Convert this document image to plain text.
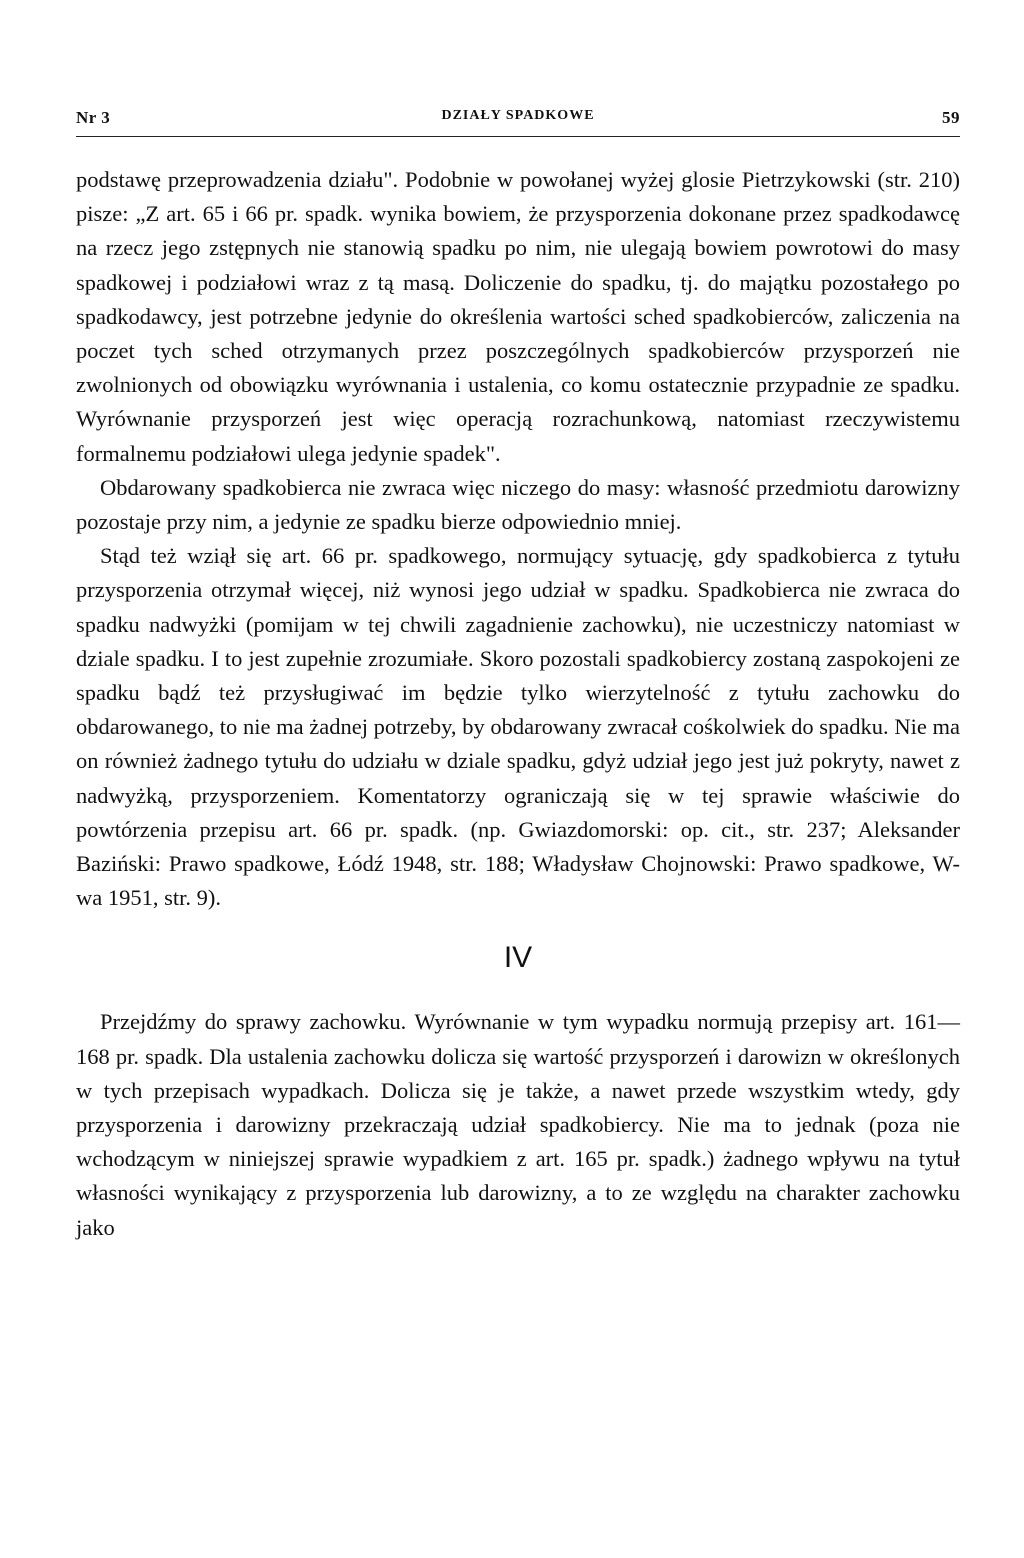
Nr 3	DZIAŁY SPADKOWE	59

podstawę przeprowadzenia działu". Podobnie w powołanej wyżej glosie Pietrzykowski (str. 210) pisze: „Z art. 65 i 66 pr. spadk. wynika bowiem, że przysporzenia dokonane przez spadkodawcę na rzecz jego zstępnych nie stanowią spadku po nim, nie ulegają bowiem powrotowi do masy spadkowej i podziałowi wraz z tą masą. Doliczenie do spadku, tj. do majątku pozostałego po spadkodawcy, jest potrzebne jedynie do określenia wartości sched spadkobierców, zaliczenia na poczet tych sched otrzymanych przez poszczególnych spadkobierców przysporzeń nie zwolnionych od obowiązku wyrównania i ustalenia, co komu ostatecznie przypadnie ze spadku. Wyrównanie przysporzeń jest więc operacją rozrachunkową, natomiast rzeczywistemu formalnemu podziałowi ulega jedynie spadek".

Obdarowany spadkobierca nie zwraca więc niczego do masy: własność przedmiotu darowizny pozostaje przy nim, a jedynie ze spadku bierze odpowiednio mniej.

Stąd też wziął się art. 66 pr. spadkowego, normujący sytuację, gdy spadkobierca z tytułu przysporzenia otrzymał więcej, niż wynosi jego udział w spadku. Spadkobierca nie zwraca do spadku nadwyżki (pomijam w tej chwili zagadnienie zachowku), nie uczestniczy natomiast w dziale spadku. I to jest zupełnie zrozumiałe. Skoro pozostali spadkobiercy zostaną zaspokojeni ze spadku bądź też przysługiwać im będzie tylko wierzytelność z tytułu zachowku do obdarowanego, to nie ma żadnej potrzeby, by obdarowany zwracał cośkolwiek do spadku. Nie ma on również żadnego tytułu do udziału w dziale spadku, gdyż udział jego jest już pokryty, nawet z nadwyżką, przysporzeniem. Komentatorzy ograniczają się w tej sprawie właściwie do powtórzenia przepisu art. 66 pr. spadk. (np. Gwiazdomorski: op. cit., str. 237; Aleksander Baziński: Prawo spadkowe, Łódź 1948, str. 188; Władysław Chojnowski: Prawo spadkowe, W-wa 1951, str. 9).

IV

Przejdźmy do sprawy zachowku. Wyrównanie w tym wypadku normują przepisy art. 161—168 pr. spadk. Dla ustalenia zachowku dolicza się wartość przysporzeń i darowizn w określonych w tych przepisach wypadkach. Dolicza się je także, a nawet przede wszystkim wtedy, gdy przysporzenia i darowizny przekraczają udział spadkobiercy. Nie ma to jednak (poza nie wchodzącym w niniejszej sprawie wypadkiem z art. 165 pr. spadk.) żadnego wpływu na tytuł własności wynikający z przysporzenia lub darowizny, a to ze względu na charakter zachowku jako
